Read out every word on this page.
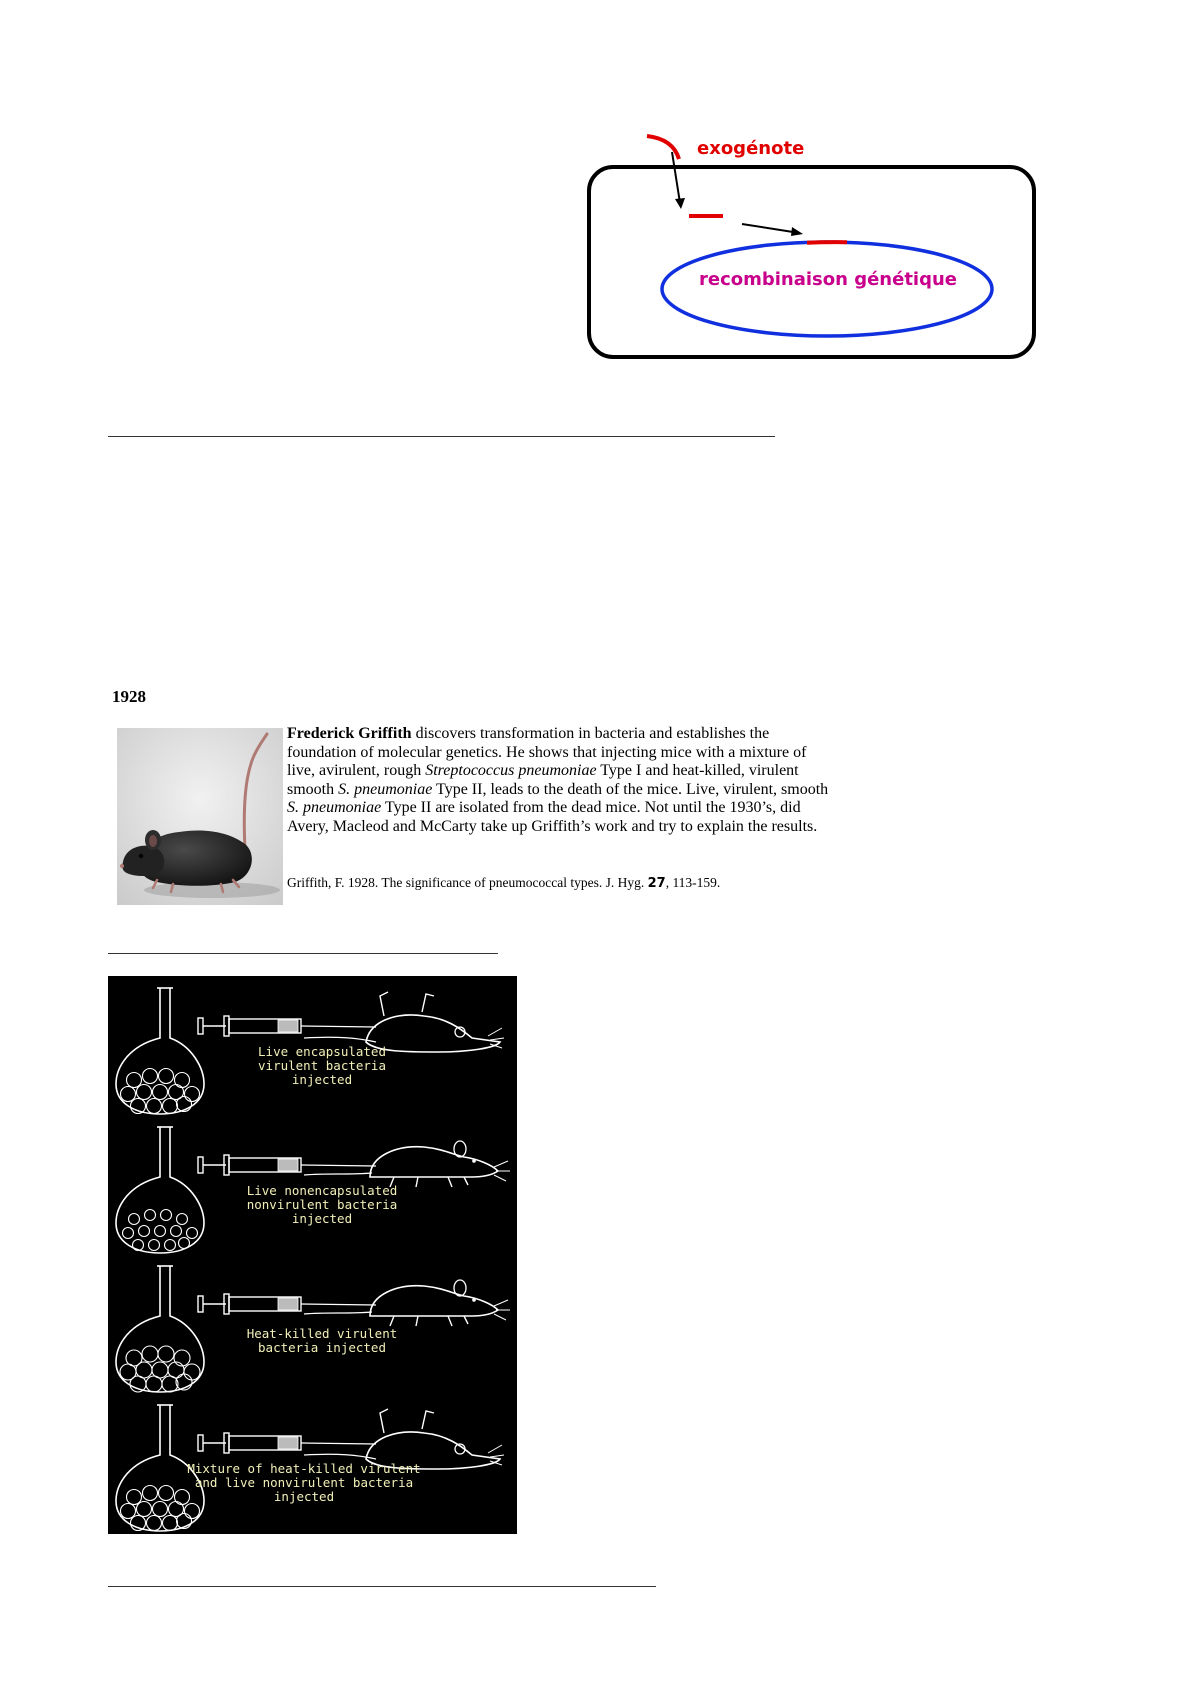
exogénote
recombinaison génétique
1928
Frederick Griffith discovers transformation in bacteria and establishes the foundation of molecular genetics. He shows that injecting mice with a mixture of live, avirulent, rough Streptococcus pneumoniae Type I and heat-killed, virulent smooth S. pneumoniae Type II, leads to the death of the mice. Live, virulent, smooth S. pneumoniae Type II are isolated from the dead mice. Not until the 1930’s, did Avery, Macleod and McCarty take up Griffith’s work and try to explain the results.
Griffith, F. 1928. The significance of pneumococcal types. J. Hyg. 27, 113-159.
Live encapsulated
virulent bacteria
injected
Live nonencapsulated
nonvirulent bacteria
injected
Heat-killed virulent
bacteria injected
Mixture of heat-killed virulent
and live nonvirulent bacteria
injected
